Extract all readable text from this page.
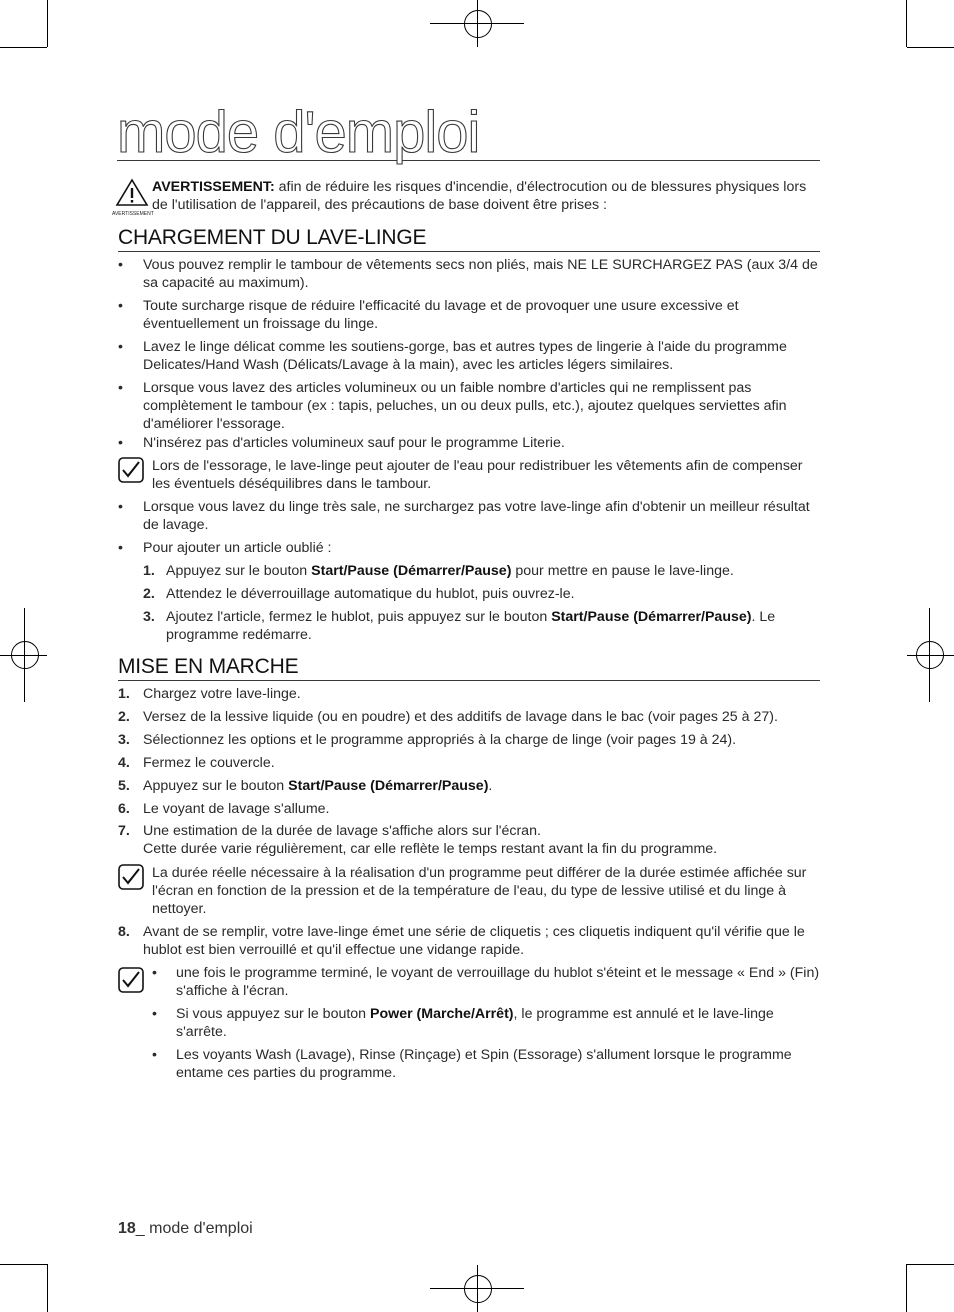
mode d'emploi
AVERTISSEMENT
AVERTISSEMENT: afin de réduire les risques d'incendie, d'électrocution ou de blessures physiques lors de l'utilisation de l'appareil, des précautions de base doivent être prises :
CHARGEMENT DU LAVE-LINGE
•	Vous pouvez remplir le tambour de vêtements secs non pliés, mais NE LE SURCHARGEZ PAS (aux 3/4 de sa capacité au maximum).
•	Toute surcharge risque de réduire l'efficacité du lavage et de provoquer une usure excessive et éventuellement un froissage du linge.
•	Lavez le linge délicat comme les soutiens-gorge, bas et autres types de lingerie à l'aide du programme Delicates/Hand Wash (Délicats/Lavage à la main), avec les articles légers similaires.
•	Lorsque vous lavez des articles volumineux ou un faible nombre d'articles qui ne remplissent pas complètement le tambour (ex : tapis, peluches, un ou deux pulls, etc.), ajoutez quelques serviettes afin d'améliorer l'essorage.
•	N'insérez pas d'articles volumineux sauf pour le programme Literie.
Lors de l'essorage, le lave-linge peut ajouter de l'eau pour redistribuer les vêtements afin de compenser les éventuels déséquilibres dans le tambour.
•	Lorsque vous lavez du linge très sale, ne surchargez pas votre lave-linge afin d'obtenir un meilleur résultat de lavage.
•	Pour ajouter un article oublié :
1. Appuyez sur le bouton Start/Pause (Démarrer/Pause) pour mettre en pause le lave-linge.
2. Attendez le déverrouillage automatique du hublot, puis ouvrez-le.
3. Ajoutez l'article, fermez le hublot, puis appuyez sur le bouton Start/Pause (Démarrer/Pause). Le programme redémarre.
MISE EN MARCHE
1. Chargez votre lave-linge.
2. Versez de la lessive liquide (ou en poudre) et des additifs de lavage dans le bac (voir pages 25 à 27).
3. Sélectionnez les options et le programme appropriés à la charge de linge (voir pages 19 à 24).
4. Fermez le couvercle.
5. Appuyez sur le bouton Start/Pause (Démarrer/Pause).
6. Le voyant de lavage s'allume.
7. Une estimation de la durée de lavage s'affiche alors sur l'écran.
Cette durée varie régulièrement, car elle reflète le temps restant avant la fin du programme.
La durée réelle nécessaire à la réalisation d'un programme peut différer de la durée estimée affichée sur l'écran en fonction de la pression et de la température de l'eau, du type de lessive utilisé et du linge à nettoyer.
8. Avant de se remplir, votre lave-linge émet une série de cliquetis ; ces cliquetis indiquent qu'il vérifie que le hublot est bien verrouillé et qu'il effectue une vidange rapide.
•	une fois le programme terminé, le voyant de verrouillage du hublot s'éteint et le message « End » (Fin) s'affiche à l'écran.
•	Si vous appuyez sur le bouton Power (Marche/Arrêt), le programme est annulé et le lave-linge s'arrête.
•	Les voyants Wash (Lavage), Rinse (Rinçage) et Spin (Essorage) s'allument lorsque le programme entame ces parties du programme.
18_ mode d'emploi
